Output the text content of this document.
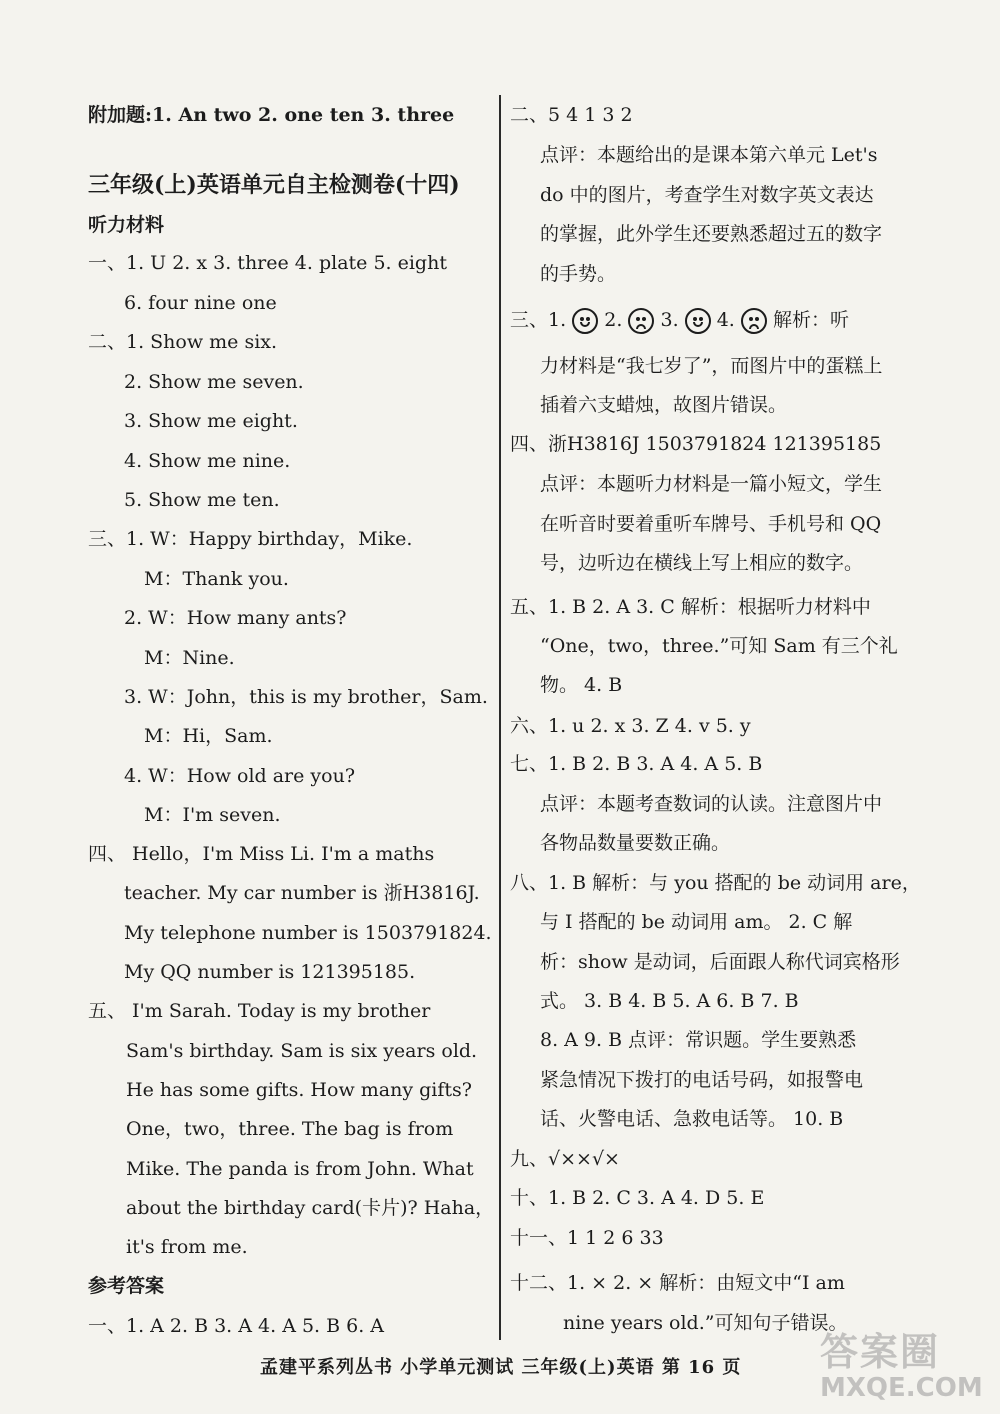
附加题:1. An two 2. one ten 3. three
三年级(上)英语单元自主检测卷(十四)
听力材料
一、1. U 2. x 3. three 4. plate 5. eight
6. four nine one
二、1. Show me six.
2. Show me seven.
3. Show me eight.
4. Show me nine.
5. Show me ten.
三、1. W：Happy birthday，Mike.
M：Thank you.
2. W：How many ants?
M：Nine.
3. W：John，this is my brother，Sam.
M：Hi，Sam.
4. W：How old are you?
M：I'm seven.
四、 Hello，I'm Miss Li. I'm a maths
teacher. My car number is 浙H3816J.
My telephone number is 1503791824.
My QQ number is 121395185.
五、 I'm Sarah. Today is my brother
Sam's birthday. Sam is six years old.
He has some gifts. How many gifts?
One，two，three. The bag is from
Mike. The panda is from John. What
about the birthday card(卡片)? Haha，
it's from me.
参考答案
一、1. A 2. B 3. A 4. A 5. B 6. A
二、5 4 1 3 2
点评：本题给出的是课本第六单元 Let's
do 中的图片，考查学生对数字英文表达
的掌握，此外学生还要熟悉超过五的数字
的手势。
三、1. 2. 3. 4. 解析：听
力材料是“我七岁了”，而图片中的蛋糕上
插着六支蜡烛，故图片错误。
四、浙H3816J 1503791824 121395185
点评：本题听力材料是一篇小短文，学生
在听音时要着重听车牌号、手机号和 QQ
号，边听边在横线上写上相应的数字。
五、1. B 2. A 3. C 解析：根据听力材料中
“One，two，three.”可知 Sam 有三个礼
物。 4. B
六、1. u 2. x 3. Z 4. v 5. y
七、1. B 2. B 3. A 4. A 5. B
点评：本题考查数词的认读。注意图片中
各物品数量要数正确。
八、1. B 解析：与 you 搭配的 be 动词用 are，
与 I 搭配的 be 动词用 am。 2. C 解
析：show 是动词，后面跟人称代词宾格形
式。 3. B 4. B 5. A 6. B 7. B
8. A 9. B 点评：常识题。学生要熟悉
紧急情况下拨打的电话号码，如报警电
话、火警电话、急救电话等。 10. B
九、√××√×
十、1. B 2. C 3. A 4. D 5. E
十一、1 1 2 6 33
十二、1. × 2. × 解析：由短文中“I am
nine years old.”可知句子错误。
孟建平系列丛书 小学单元测试 三年级(上)英语 第 16 页 答案圈
MXQE.COM
